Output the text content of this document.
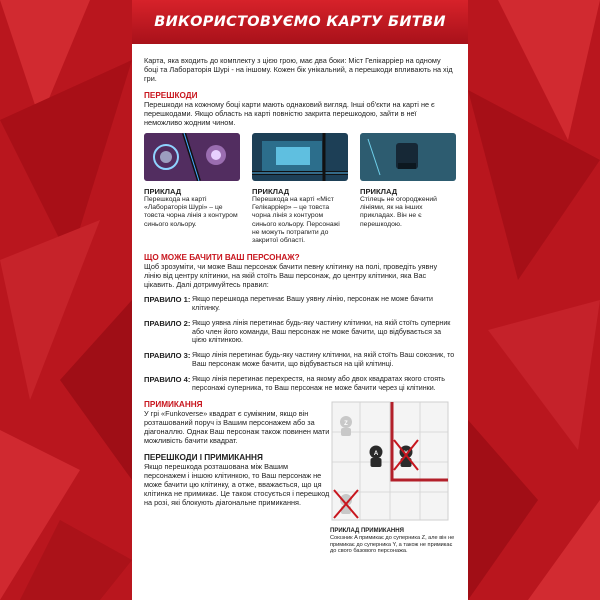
ВИКОРИСТОВУЄМО КАРТУ БИТВИ

Карта, яка входить до комплекту з цією грою, має два боки: Міст Гелікарріер на одному боці та Лабораторія Шурі - на іншому. Кожен бік унікальний, а перешкоди впливають на хід гри.

ПЕРЕШКОДИ

Перешкоди на кожному боці карти мають однаковий вигляд. Інші об'єкти на карті не є перешкодами. Якщо область на карті повністю закрита перешкодою, зайти в неї неможливо жодним чином.

ПРИКЛАД
Перешкода на карті «Лабораторія Шурі» – це товста чорна лінія з контуром синього кольору.
ПРИКЛАД
Перешкода на карті «Міст Гелікарріер» – це товста чорна лінія з контуром синього кольору. Персонажі не можуть потрапити до закритої області.
ПРИКЛАД
Стілець не огороджений лініями, як на інших прикладах. Він не є перешкодою.
ЩО МОЖЕ БАЧИТИ ВАШ ПЕРСОНАЖ?

Щоб зрозуміти, чи може Ваш персонаж бачити певну клітинку на полі, проведіть уявну лінію від центру клітинки, на якій стоїть Ваш персонаж, до центру клітинки, яка Вас цікавить. Далі дотримуйтесь правил:

ПРАВИЛО 1: Якщо перешкода перетинає Вашу уявну лінію, персонаж не може бачити клітинку.
ПРАВИЛО 2: Якщо уявна лінія перетинає будь-яку частину клітинки, на якій стоїть суперник або член його команди, Ваш персонаж не може бачити, що відбувається за цією клітинкою.
ПРАВИЛО 3: Якщо лінія перетинає будь-яку частину клітинки, на якій стоїть Ваш союзник, то Ваш персонаж може бачити, що відбувається на цій клітинці.
ПРАВИЛО 4: Якщо лінія перетинає перехрестя, на якому або двох квадратах якого стоять персонажі суперника, то Ваш персонаж не може бачити через ці клітинки.
ПРИМИКАННЯ

У грі «Funkoverse» квадрат є суміжним, якщо він розташований поруч із Вашим персонажем або за діагоналлю. Однак Ваш персонаж також повинен мати можливість бачити квадрат.

ПЕРЕШКОДИ І ПРИМИКАННЯ

Якщо перешкода розташована між Вашим персонажем і іншою клітинкою, то Ваш персонаж не може бачити цю клітинку, а отже, вважається, що ця клітинка не примикає. Це також стосується і перешкод на розі, які блокують діагональне примикання.

Z
A
ПРИКЛАД ПРИМИКАННЯ
Союзник A примикає до суперника Z, але він не примикає до суперника Y, а також не примикає до свого базового персонажа.
